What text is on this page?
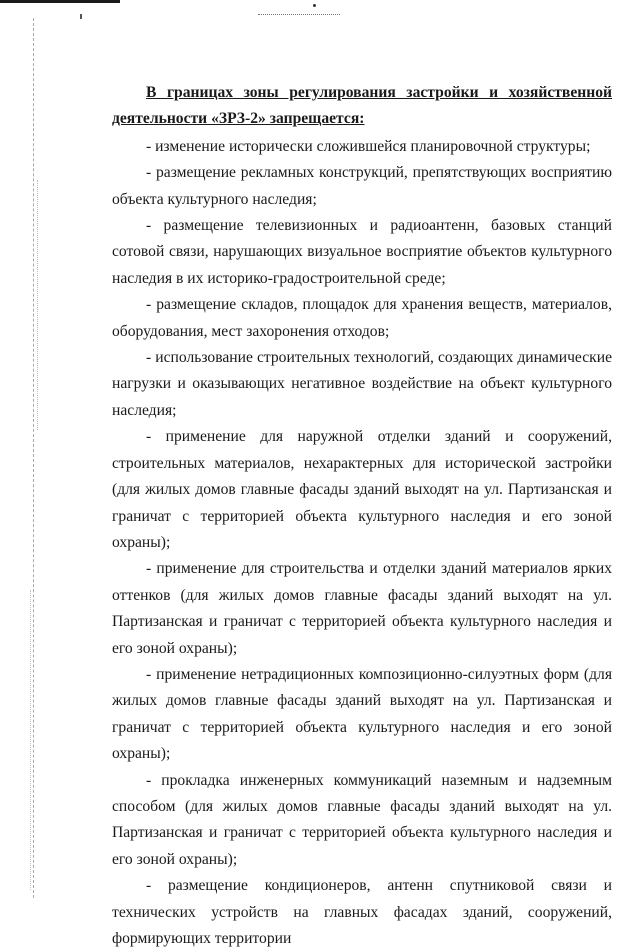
В границах зоны регулирования застройки и хозяйственной деятельности «ЗРЗ-2» запрещается:

- изменение исторически сложившейся планировочной структуры;

- размещение рекламных конструкций, препятствующих восприятию объекта культурного наследия;

- размещение телевизионных и радиоантенн, базовых станций сотовой связи, нарушающих визуальное восприятие объектов культурного наследия в их историко-градостроительной среде;

- размещение складов, площадок для хранения веществ, материалов, оборудования, мест захоронения отходов;

- использование строительных технологий, создающих динамические нагрузки и оказывающих негативное воздействие на объект культурного наследия;

- применение для наружной отделки зданий и сооружений, строительных материалов, нехарактерных для исторической застройки (для жилых домов главные фасады зданий выходят на ул. Партизанская и граничат с территорией объекта культурного наследия и его зоной охраны);

- применение для строительства и отделки зданий материалов ярких оттенков (для жилых домов главные фасады зданий выходят на ул. Партизанская и граничат с территорией объекта культурного наследия и его зоной охраны);

- применение нетрадиционных композиционно-силуэтных форм (для жилых домов главные фасады зданий выходят на ул. Партизанская и граничат с территорией объекта культурного наследия и его зоной охраны);

- прокладка инженерных коммуникаций наземным и надземным способом (для жилых домов главные фасады зданий выходят на ул. Партизанская и граничат с территорией объекта культурного наследия и его зоной охраны);

- размещение кондиционеров, антенн спутниковой связи и технических устройств на главных фасадах зданий, сооружений, формирующих территории
